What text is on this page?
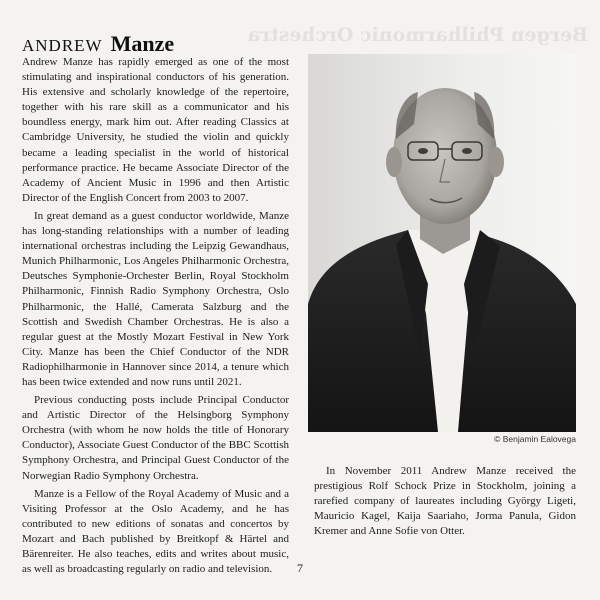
Bergen Philharmonic Orchestra
ANDREW Manze

Andrew Manze has rapidly emerged as one of the most stimulating and inspirational conductors of his generation. His extensive and scholarly knowledge of the repertoire, together with his rare skill as a communicator and his boundless energy, mark him out. After reading Classics at Cambridge University, he studied the violin and quickly became a leading specialist in the world of historical performance practice. He became Associate Director of the Academy of Ancient Music in 1996 and then Artistic Director of the English Concert from 2003 to 2007.

In great demand as a guest conductor worldwide, Manze has long-standing relationships with a number of leading international orchestras including the Leipzig Gewandhaus, Munich Philharmonic, Los Angeles Philharmonic Orchestra, Deutsches Symphonie-Orchester Berlin, Royal Stockholm Philharmonic, Finnish Radio Symphony Orchestra, Oslo Philharmonic, the Hallé, Camerata Salzburg and the Scottish and Swedish Chamber Orchestras. He is also a regular guest at the Mostly Mozart Festival in New York City. Manze has been the Chief Conductor of the NDR Radiophilharmonie in Hannover since 2014, a tenure which has been twice extended and now runs until 2021.

Previous conducting posts include Principal Conductor and Artistic Director of the Helsingborg Symphony Orchestra (with whom he now holds the title of Honorary Conductor), Associate Guest Conductor of the BBC Scottish Symphony Orchestra, and Principal Guest Conductor of the Norwegian Radio Symphony Orchestra.

Manze is a Fellow of the Royal Academy of Music and a Visiting Professor at the Oslo Academy, and he has contributed to new editions of sonatas and concertos by Mozart and Bach published by Breitkopf & Härtel and Bärenreiter. He also teaches, edits and writes about music, as well as broadcasting regularly on radio and television.

© Benjamin Ealovega

In November 2011 Andrew Manze received the prestigious Rolf Schock Prize in Stockholm, joining a rarefied company of laureates including György Ligeti, Mauricio Kagel, Kaija Saariaho, Jorma Panula, Gidon Kremer and Anne Sofie von Otter.

7
